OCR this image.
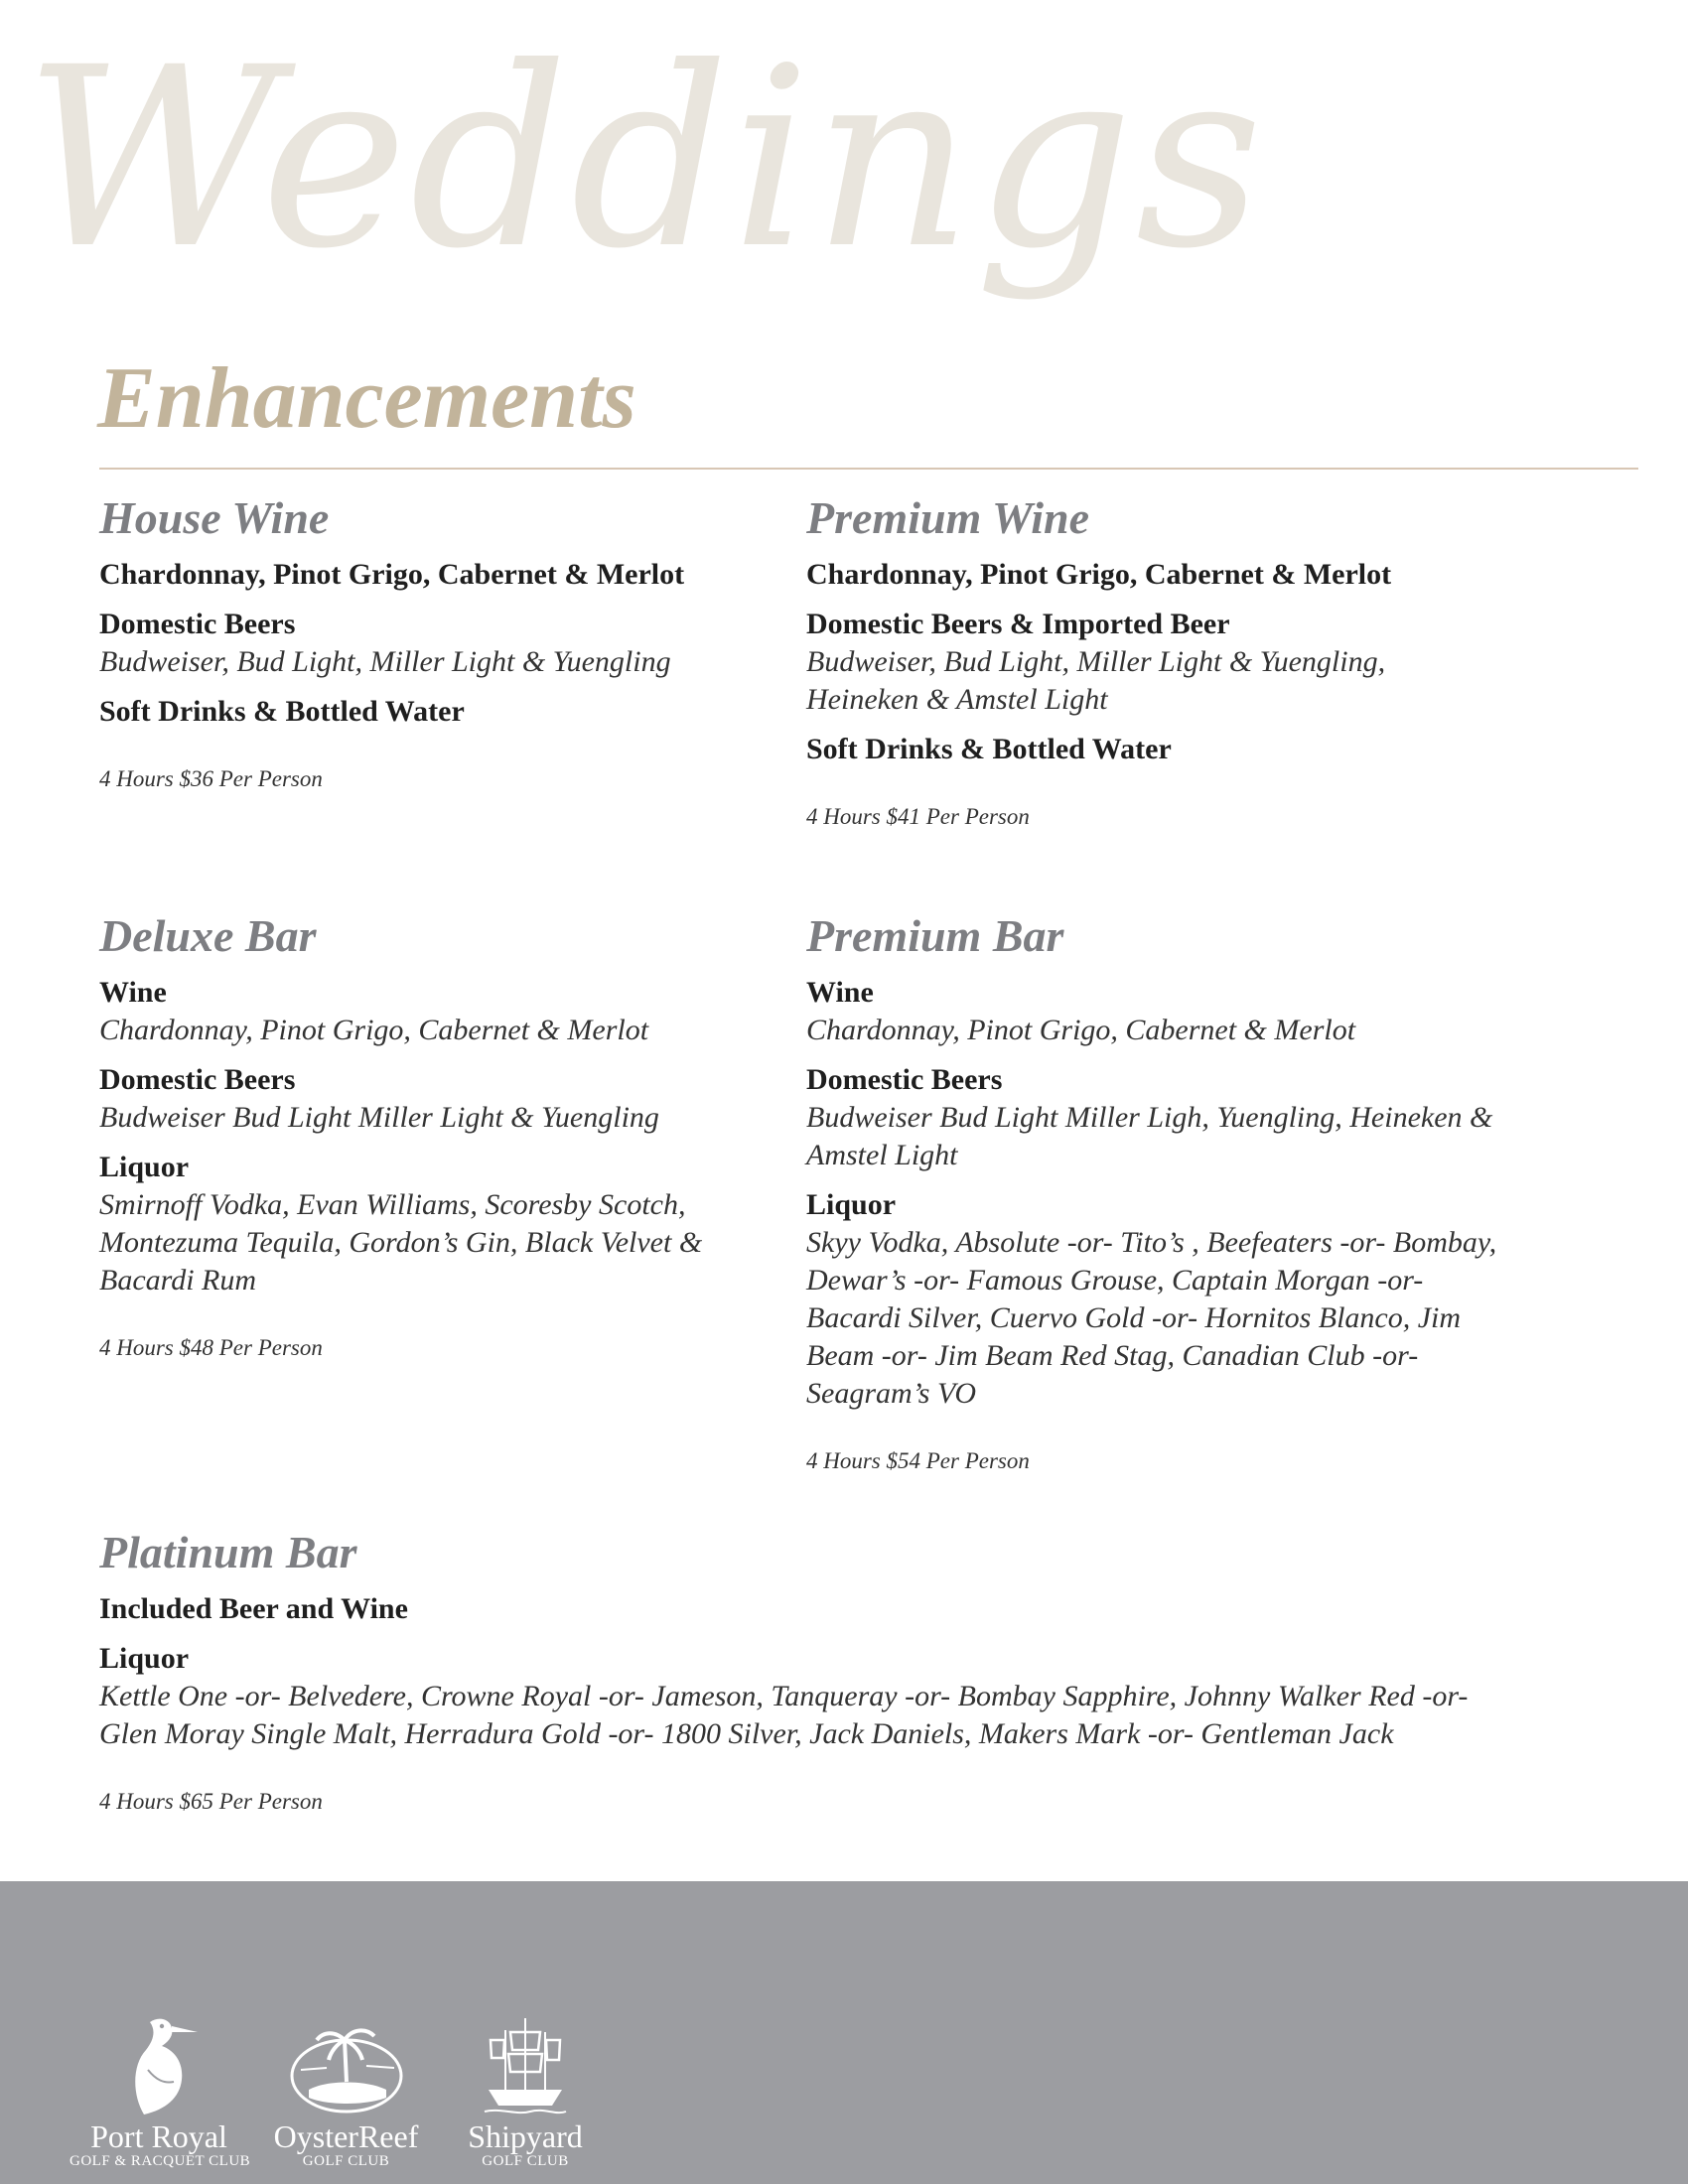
Weddings
Enhancements
House Wine
Chardonnay, Pinot Grigo, Cabernet & Merlot
Domestic Beers
Budweiser, Bud Light, Miller Light & Yuengling
Soft Drinks & Bottled Water
4 Hours $36 Per Person
Premium Wine
Chardonnay, Pinot Grigo, Cabernet & Merlot
Domestic Beers & Imported Beer
Budweiser, Bud Light, Miller Light & Yuengling, Heineken & Amstel Light
Soft Drinks & Bottled Water
4 Hours $41 Per Person
Deluxe Bar
Wine
Chardonnay, Pinot Grigo, Cabernet & Merlot
Domestic Beers
Budweiser Bud Light Miller Light & Yuengling
Liquor
Smirnoff Vodka, Evan Williams, Scoresby Scotch, Montezuma Tequila, Gordon’s Gin, Black Velvet & Bacardi Rum
4 Hours $48 Per Person
Premium Bar
Wine
Chardonnay, Pinot Grigo, Cabernet & Merlot
Domestic Beers
Budweiser Bud Light Miller Ligh, Yuengling, Heineken & Amstel Light
Liquor
Skyy Vodka, Absolute -or- Tito’s , Beefeaters -or- Bombay, Dewar’s -or- Famous Grouse, Captain Morgan -or- Bacardi Silver, Cuervo Gold -or- Hornitos Blanco, Jim Beam -or- Jim Beam Red Stag, Canadian Club -or- Seagram’s VO
4 Hours $54 Per Person
Platinum Bar
Included Beer and Wine
Liquor
Kettle One -or- Belvedere, Crowne Royal -or- Jameson, Tanqueray -or- Bombay Sapphire, Johnny Walker Red -or- Glen Moray Single Malt, Herradura Gold -or- 1800 Silver, Jack Daniels, Makers Mark -or- Gentleman Jack
4 Hours $65 Per Person
Port Royal
GOLF & RACQUET CLUB
OysterReef
GOLF CLUB
Shipyard
GOLF CLUB
